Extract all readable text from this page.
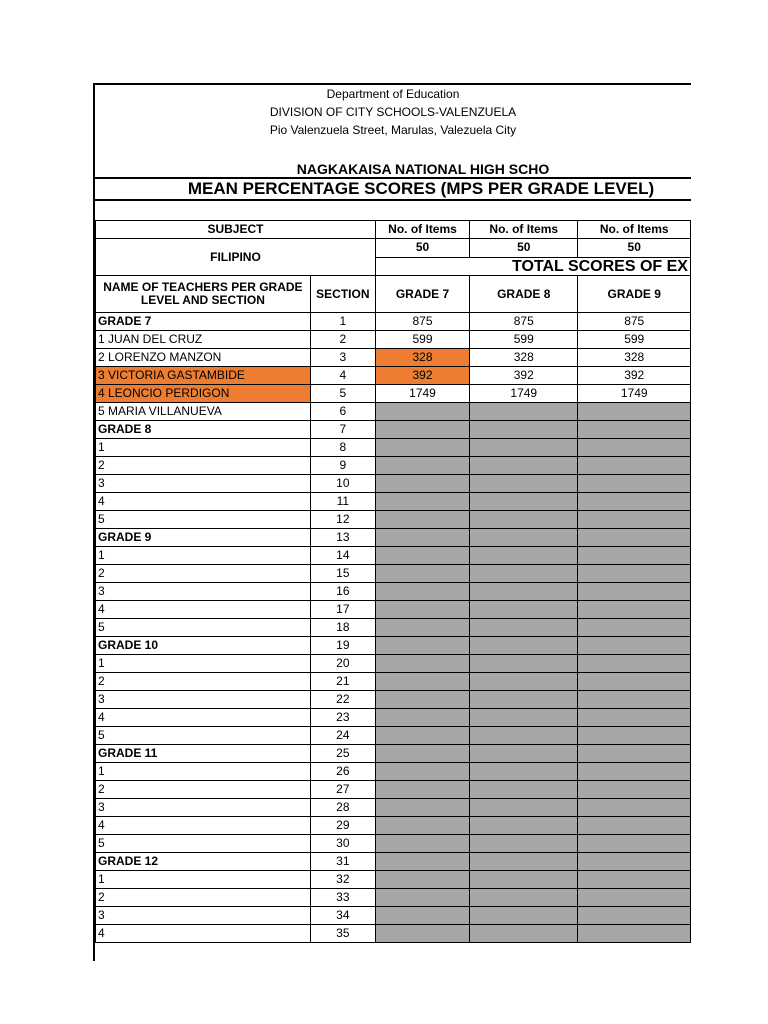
Department of Education
DIVISION OF CITY SCHOOLS-VALENZUELA
Pio Valenzuela Street, Marulas, Valezuela City
NAGKAKAISA NATIONAL HIGH SCHO
MEAN PERCENTAGE SCORES (MPS PER GRADE LEVEL)
SUBJECT		No. of Items	No. of Items	No. of Items
FILIPINO		50	50	50
		TOTAL SCORES OF EX		
NAME OF TEACHERS PER GRADE LEVEL AND SECTION	SECTION	GRADE 7	GRADE 8	GRADE 9
GRADE 7	1	875	875	875
1 JUAN DEL CRUZ	2	599	599	599
2 LORENZO MANZON	3	328	328	328
3 VICTORIA GASTAMBIDE	4	392	392	392
4 LEONCIO PERDIGON	5	1749	1749	1749
5 MARIA VILLANUEVA	6			
GRADE 8	7			
1	8			
2	9			
3	10			
4	11			
5	12			
GRADE 9	13			
1	14			
2	15			
3	16			
4	17			
5	18			
GRADE 10	19			
1	20			
2	21			
3	22			
4	23			
5	24			
GRADE 11	25			
1	26			
2	27			
3	28			
4	29			
5	30			
GRADE 12	31			
1	32			
2	33			
3	34			
4	35			
